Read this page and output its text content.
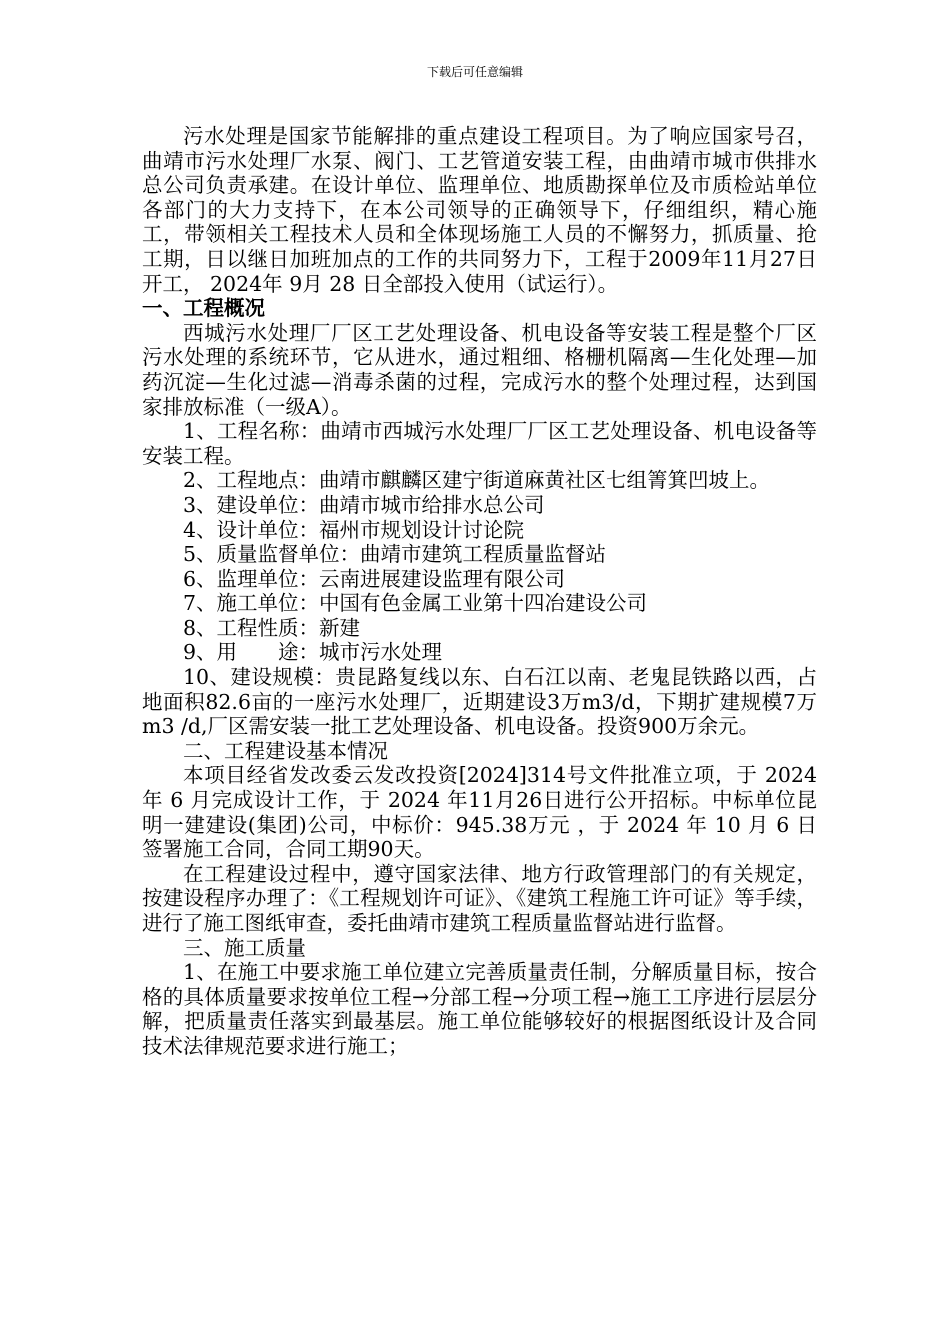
下载后可任意编辑

污水处理是国家节能解排的重点建设工程项目。为了响应国家号召，曲靖市污水处理厂水泵、阀门、工艺管道安装工程，由曲靖市城市供排水总公司负责承建。在设计单位、监理单位、地质勘探单位及市质检站单位各部门的大力支持下，在本公司领导的正确领导下，仔细组织，精心施工，带领相关工程技术人员和全体现场施工人员的不懈努力，抓质量、抢工期，日以继日加班加点的工作的共同努力下，工程于2009年11月27日开工， 2024年 9月 28 日全部投入使用（试运行）。

一、工程概况

西城污水处理厂厂区工艺处理设备、机电设备等安装工程是整个厂区污水处理的系统环节，它从进水，通过粗细、格栅机隔离—生化处理—加药沉淀—生化过滤—消毒杀菌的过程，完成污水的整个处理过程，达到国家排放标准（一级A）。

1、工程名称：曲靖市西城污水处理厂厂区工艺处理设备、机电设备等安装工程。

2、工程地点：曲靖市麒麟区建宁街道麻黄社区七组箐箕凹坡上。

3、建设单位：曲靖市城市给排水总公司

4、设计单位：福州市规划设计讨论院

5、质量监督单位：曲靖市建筑工程质量监督站

6、监理单位：云南进展建设监理有限公司

7、施工单位：中国有色金属工业第十四冶建设公司

8、工程性质：新建

9、用　　途：城市污水处理

10、建设规模：贵昆路复线以东、白石江以南、老鬼昆铁路以西，占地面积82.6亩的一座污水处理厂，近期建设3万m3/d，下期扩建规模7万m3 /d,厂区需安装一批工艺处理设备、机电设备。投资900万余元。

二、工程建设基本情况

本项目经省发改委云发改投资[2024]314号文件批准立项，于 2024 年 6 月完成设计工作，于 2024 年11月26日进行公开招标。中标单位昆明一建建设(集团)公司，中标价：945.38万元 ，于 2024 年 10 月 6 日签署施工合同，合同工期90天。

在工程建设过程中，遵守国家法律、地方行政管理部门的有关规定，按建设程序办理了：《工程规划许可证》、《建筑工程施工许可证》等手续，进行了施工图纸审查，委托曲靖市建筑工程质量监督站进行监督。

三、施工质量

1、在施工中要求施工单位建立完善质量责任制，分解质量目标，按合格的具体质量要求按单位工程→分部工程→分项工程→施工工序进行层层分解，把质量责任落实到最基层。施工单位能够较好的根据图纸设计及合同技术法律规范要求进行施工；
